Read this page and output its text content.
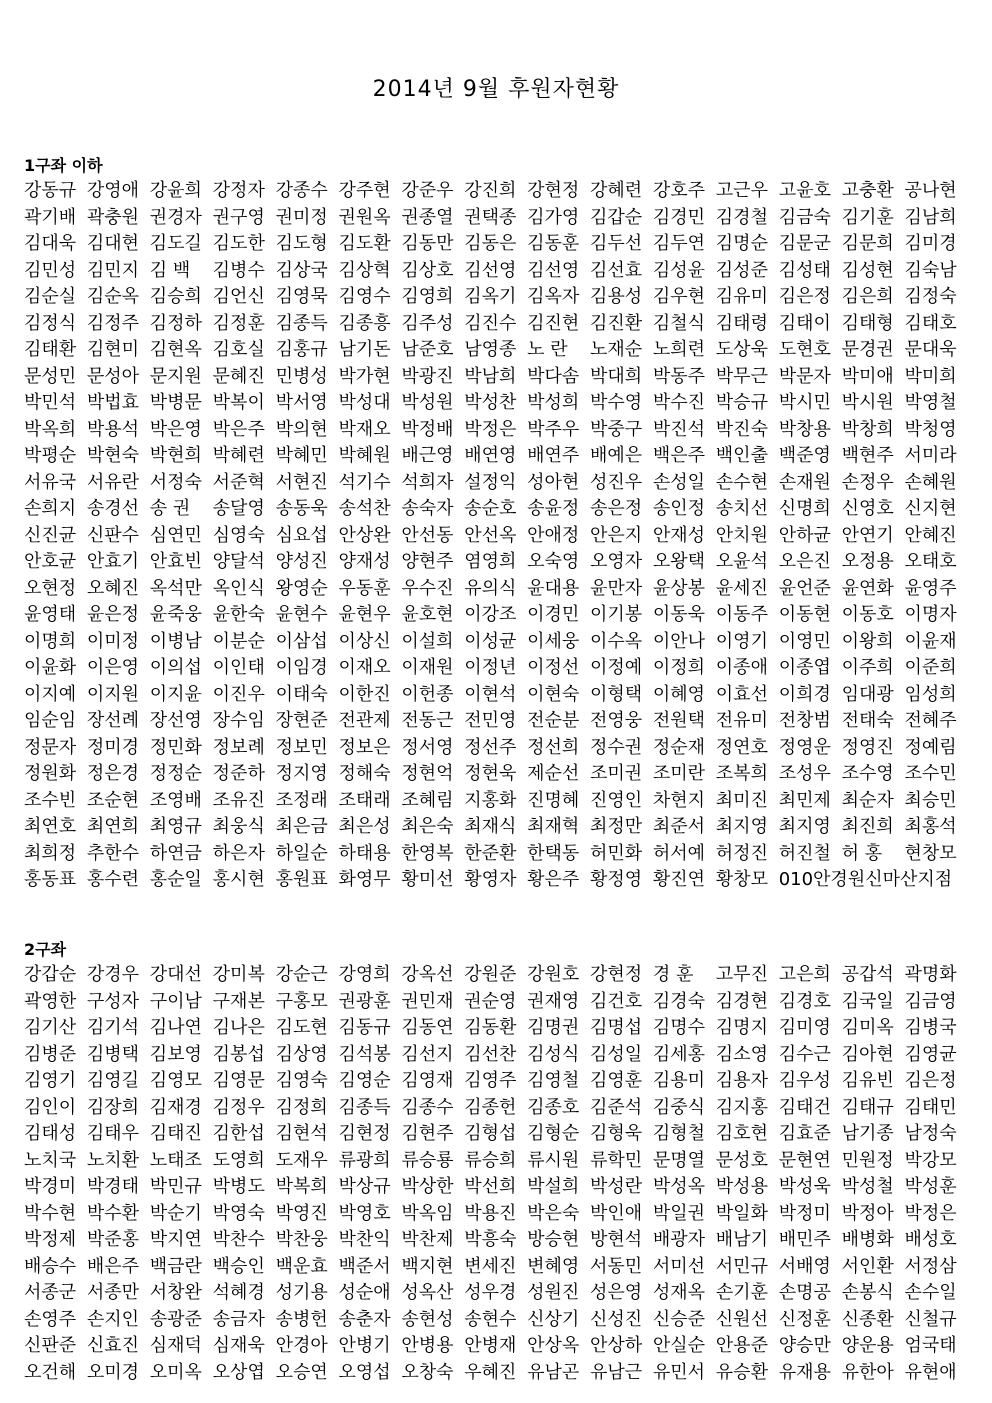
2014년 9월 후원자현황
1구좌 이하
강동규 강영애 강윤희 강정자 강종수 강주현 강준우 강진희 강현정 강혜련 강호주 고근우 고윤호 고충환 공나현
곽기배 곽충원 권경자 권구영 권미정 권원옥 권종열 권택종 김가영 김갑순 김경민 김경철 김금숙 김기훈 김남희
김대욱 김대현 김도길 김도한 김도형 김도환 김동만 김동은 김동훈 김두선 김두연 김명순 김문군 김문희 김미경
김민성 김민지 김 백	김병수 김상국 김상혁 김상호 김선영 김선영 김선효 김성윤 김성준 김성태 김성현 김숙남
김순실 김순옥 김승희 김언신 김영묵 김영수 김영희 김옥기 김옥자 김용성 김우현 김유미 김은정 김은희 김정숙
김정식 김정주 김정하 김정훈 김종득 김종흥 김주성 김진수 김진현 김진환 김철식 김태령 김태이 김태형 김태호
김태환 김현미 김현옥 김호실 김홍규 남기돈 남준호 남영종 노 란	노재순 노희련 도상욱 도현호 문경권 문대욱
문성민 문성아 문지원 문혜진 민병성 박가현 박광진 박남희 박다솜 박대희 박동주 박무근 박문자 박미애 박미희
박민석 박법효 박병문 박복이 박서영 박성대 박성원 박성찬 박성희 박수영 박수진 박승규 박시민 박시원 박영철
박옥희 박용석 박은영 박은주 박의현 박재오 박정배 박정은 박주우 박중구 박진석 박진숙 박창용 박창희 박청영
박평순 박현숙 박현희 박혜련 박혜민 박혜원 배근영 배연영 배연주 배예은 백은주 백인출 백준영 백현주 서미라
서유국 서유란 서정숙 서준혁 서현진 석기수 석희자 설정익 성아현 성진우 손성일 손수현 손재원 손정우 손혜원
손희지 송경선 송 권	송달영 송동욱 송석찬 송숙자 송순호 송윤정 송은정 송인정 송치선 신명희 신영호 신지현
신진균 신판수 심연민 심영숙 심요섭 안상완 안선동 안선옥 안애정 안은지 안재성 안치원 안하균 안연기 안혜진
안호균 안효기 안효빈 양달석 양성진 양재성 양현주 염영희 오숙영 오영자 오왕택 오윤석 오은진 오정용 오태호
오현정 오혜진 옥석만 옥인식 왕영순 우동훈 우수진 유의식 윤대용 윤만자 윤상봉 윤세진 윤언준 윤연화 윤영주
윤영태 윤은정 윤죽웅 윤한숙 윤현수 윤현우 윤호현 이강조 이경민 이기봉 이동욱 이동주 이동현 이동호 이명자
이명희 이미정 이병남 이분순 이삼섭 이상신 이설희 이성균 이세웅 이수옥 이안나 이영기 이영민 이왕희 이윤재
이윤화 이은영 이의섭 이인태 이임경 이재오 이재원 이정년 이정선 이정예 이정희 이종애 이종엽 이주희 이준희
이지예 이지원 이지윤 이진우 이태숙 이한진 이헌종 이현석 이현숙 이형택 이혜영 이효선 이희경 임대광 임성희
임순임 장선례 장선영 장수임 장현준 전관제 전동근 전민영 전순분 전영웅 전원택 전유미 전창범 전태숙 전혜주
정문자 정미경 정민화 정보례 정보민 정보은 정서영 정선주 정선희 정수권 정순재 정연호 정영운 정영진 정예림
정원화 정은경 정정순 정준하 정지영 정해숙 정현억 정현욱 제순선 조미권 조미란 조복희 조성우 조수영 조수민
조수빈 조순현 조영배 조유진 조정래 조태래 조혜림 지홍화 진명혜 진영인 차현지 최미진 최민제 최순자 최승민
최연호 최연희 최영규 최웅식 최은금 최은성 최은숙 최재식 최재혁 최정만 최준서 최지영 최지영 최진희 최홍석
최희정 추한수 하연금 하은자 하일순 하태용 한영복 한준환 한택동 허민화 허서예 허정진 허진철 허 홍	현창모
홍동표 홍수련 홍순일 홍시현 홍원표 화영무 황미선 황영자 황은주 황정영 황진연 황창모 010안경원신마산지점
2구좌
강갑순 강경우 강대선 강미복 강순근 강영희 강옥선 강원준 강원호 강현정 경 훈	고무진 고은희 공갑석 곽명화
곽영한 구성자 구이남 구재본 구홍모 권광훈 권민재 권순영 권재영 김건호 김경숙 김경현 김경호 김국일 김금영
김기산 김기석 김나연 김나은 김도현 김동규 김동연 김동환 김명권 김명섭 김명수 김명지 김미영 김미옥 김병국
김병준 김병택 김보영 김봉섭 김상영 김석봉 김선지 김선찬 김성식 김성일 김세홍 김소영 김수근 김아현 김영균
김영기 김영길 김영모 김영문 김영숙 김영순 김영재 김영주 김영철 김영훈 김용미 김용자 김우성 김유빈 김은정
김인이 김장희 김재경 김정우 김정희 김종득 김종수 김종헌 김종호 김준석 김중식 김지홍 김태건 김태규 김태민
김태성 김태우 김태진 김한섭 김현석 김현정 김현주 김형섭 김형순 김형욱 김형철 김호현 김효준 남기종 남정숙
노치국 노치환 노태조 도영희 도재우 류광희 류승룡 류승희 류시원 류학민 문명열 문성호 문현연 민원정 박강모
박경미 박경태 박민규 박병도 박복희 박상규 박상한 박선희 박설희 박성란 박성옥 박성용 박성욱 박성철 박성훈
박수현 박수환 박순기 박영숙 박영진 박영호 박옥임 박용진 박은숙 박인애 박일권 박일화 박정미 박정아 박정은
박정제 박준홍 박지연 박찬수 박찬웅 박찬익 박찬제 박흥숙 방승현 방현석 배광자 배남기 배민주 배병화 배성호
배승수 배은주 백금란 백승인 백운효 백준서 백지현 변세진 변혜영 서동민 서미선 서민규 서배영 서인환 서정삼
서종군 서종만 서창완 석혜경 성기용 성순애 성옥산 성우경 성원진 성은영 성재옥 손기훈 손명공 손봉식 손수일
손영주 손지인 송광준 송금자 송병헌 송춘자 송현성 송현수 신상기 신성진 신승준 신원선 신정훈 신종환 신철규
신판준 신효진 심재덕 심재욱 안경아 안병기 안병용 안병재 안상옥 안상하 안실순 안용준 양승만 양운용 엄국태
오건해 오미경 오미옥 오상엽 오승연 오영섭 오창숙 우혜진 유남곤 유남근 유민서 유승환 유재용 유한아 유현애
